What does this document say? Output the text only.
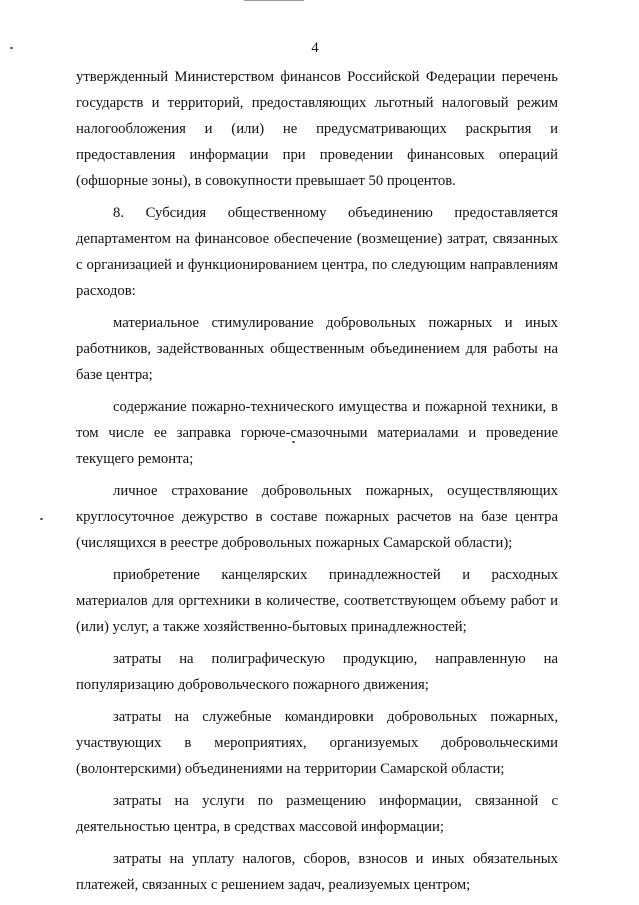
4

утвержденный Министерством финансов Российской Федерации перечень государств и территорий, предоставляющих льготный налоговый режим налогообложения и (или) не предусматривающих раскрытия и предоставления информации при проведении финансовых операций (офшорные зоны), в совокупности превышает 50 процентов.

8. Субсидия общественному объединению предоставляется департаментом на финансовое обеспечение (возмещение) затрат, связанных с организацией и функционированием центра, по следующим направлениям расходов:

материальное стимулирование добровольных пожарных и иных работников, задействованных общественным объединением для работы на базе центра;

содержание пожарно-технического имущества и пожарной техники, в том числе ее заправка горюче-смазочными материалами и проведение текущего ремонта;

личное страхование добровольных пожарных, осуществляющих круглосуточное дежурство в составе пожарных расчетов на базе центра (числящихся в реестре добровольных пожарных Самарской области);

приобретение канцелярских принадлежностей и расходных материалов для оргтехники в количестве, соответствующем объему работ и (или) услуг, а также хозяйственно-бытовых принадлежностей;

затраты на полиграфическую продукцию, направленную на популяризацию добровольческого пожарного движения;

затраты на служебные командировки добровольных пожарных, участвующих в мероприятиях, организуемых добровольческими (волонтерскими) объединениями на территории Самарской области;

затраты на услуги по размещению информации, связанной с деятельностью центра, в средствах массовой информации;

затраты на уплату налогов, сборов, взносов и иных обязательных платежей, связанных с решением задач, реализуемых центром;
